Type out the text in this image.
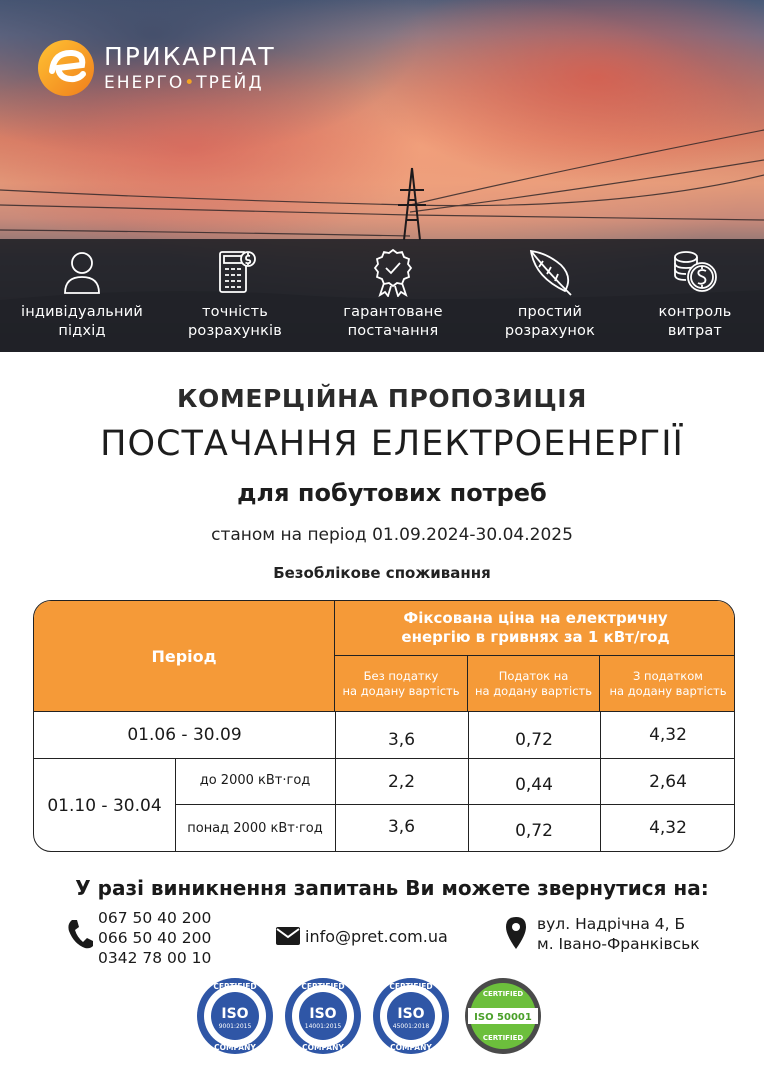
ПРИКАРПАТ
ЕНЕРГО•ТРЕЙД
індивідуальний
підхід
точність
розрахунків
гарантоване
постачання
простий
розрахунок
контроль
витрат
КОМЕРЦІЙНА ПРОПОЗИЦІЯ
ПОСТАЧАННЯ ЕЛЕКТРОЕНЕРГІЇ
для побутових потреб
станом на період 01.09.2024-30.04.2025
Безоблікове споживання
Період
Фіксована ціна на електричну
енергію в гривнях за 1 кВт/год
Без податку
на додану вартість
Податок на
на додану вартість
З податком
на додану вартість
01.06 - 30.09	3,6	0,72	4,32
01.10 - 30.04
до 2000 кВт·год	2,2	0,44	2,64
понад 2000 кВт·год	3,6	0,72	4,32
У разі виникнення запитань Ви можете звернутися на:
067 50 40 200
066 50 40 200
0342 78 00 10
info@pret.com.ua
вул. Надрічна 4, Б
м. Івано-Франківськ
CERTIFIED
ISO
9001:2015
COMPANY
CERTIFIED
ISO
14001:2015
COMPANY
CERTIFIED
ISO
45001:2018
COMPANY
CERTIFIED
ISO 50001
CERTIFIED
